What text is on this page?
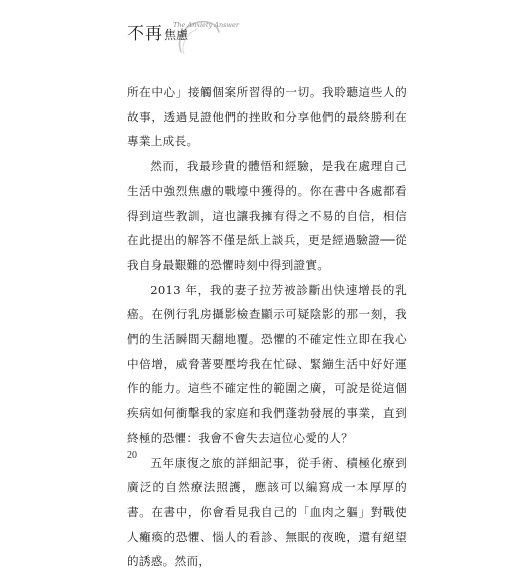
不再焦慮
The Anxiety Answer

所在中心」接觸個案所習得的一切。我聆聽這些人的故事，透過見證他們的挫敗和分享他們的最終勝利在專業上成長。

然而，我最珍貴的體悟和經驗，是我在處理自己生活中強烈焦慮的戰壕中獲得的。你在書中各處都看得到這些教訓，這也讓我擁有得之不易的自信，相信在此提出的解答不僅是紙上談兵，更是經過驗證──從我自身最艱難的恐懼時刻中得到證實。

2013 年，我的妻子拉芳被診斷出快速增長的乳癌。在例行乳房攝影檢查顯示可疑陰影的那一刻，我們的生活瞬間天翻地覆。恐懼的不確定性立即在我心中倍增，威脅著要壓垮我在忙碌、緊繃生活中好好運作的能力。這些不確定性的範圍之廣，可說是從這個疾病如何衝擊我的家庭和我們蓬勃發展的事業，直到終極的恐懼：我會不會失去這位心愛的人？

五年康復之旅的詳細記事，從手術、積極化療到廣泛的自然療法照護，應該可以編寫成一本厚厚的書。在書中，你會看見我自己的「血肉之軀」對戰使人癱瘓的恐懼、惱人的看診、無眠的夜晚，還有絕望的誘惑。然而，

20
